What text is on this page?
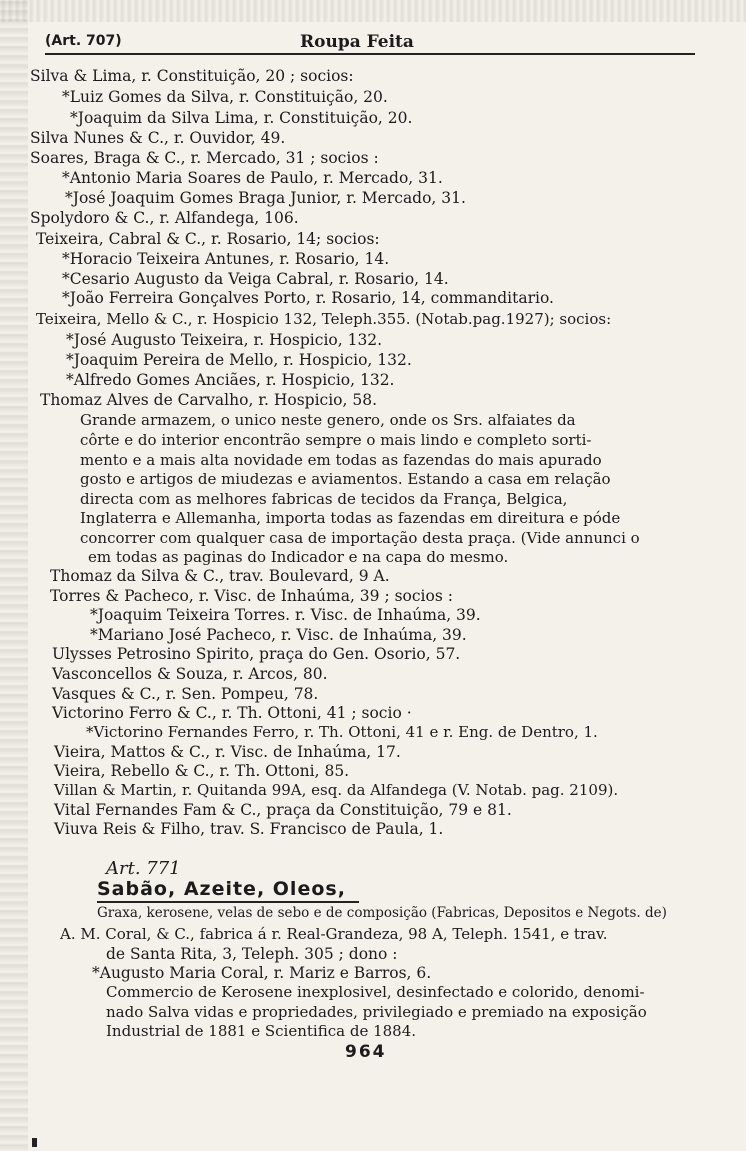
(Art. 707)	Roupa Feita
Silva & Lima, r. Constituição, 20 ; socios:
*Luiz Gomes da Silva, r. Constituição, 20.
*Joaquim da Silva Lima, r. Constituição, 20.
Silva Nunes & C., r. Ouvidor, 49.
Soares, Braga & C., r. Mercado, 31 ; socios :
*Antonio Maria Soares de Paulo, r. Mercado, 31.
*José Joaquim Gomes Braga Junior, r. Mercado, 31.
Spolydoro & C., r. Alfandega, 106.
Teixeira, Cabral & C., r. Rosario, 14; socios:
*Horacio Teixeira Antunes, r. Rosario, 14.
*Cesario Augusto da Veiga Cabral, r. Rosario, 14.
*João Ferreira Gonçalves Porto, r. Rosario, 14, commanditario.
Teixeira, Mello & C., r. Hospicio 132, Teleph.355. (Notab.pag.1927); socios:
*José Augusto Teixeira, r. Hospicio, 132.
*Joaquim Pereira de Mello, r. Hospicio, 132.
*Alfredo Gomes Anciães, r. Hospicio, 132.
Thomaz Alves de Carvalho, r. Hospicio, 58.
Grande armazem, o unico neste genero, onde os Srs. alfaiates da
côrte e do interior encontrão sempre o mais lindo e completo sorti-
mento e a mais alta novidade em todas as fazendas do mais apurado
gosto e artigos de miudezas e aviamentos. Estando a casa em relação
directa com as melhores fabricas de tecidos da França, Belgica,
Inglaterra e Allemanha, importa todas as fazendas em direitura e póde
concorrer com qualquer casa de importação desta praça. (Vide annunci o
em todas as paginas do Indicador e na capa do mesmo.
Thomaz da Silva & C., trav. Boulevard, 9 A.
Torres & Pacheco, r. Visc. de Inhaúma, 39 ; socios :
*Joaquim Teixeira Torres. r. Visc. de Inhaúma, 39.
*Mariano José Pacheco, r. Visc. de Inhaúma, 39.
Ulysses Petrosino Spirito, praça do Gen. Osorio, 57.
Vasconcellos & Souza, r. Arcos, 80.
Vasques & C., r. Sen. Pompeu, 78.
Victorino Ferro & C., r. Th. Ottoni, 41 ; socio ·
*Victorino Fernandes Ferro, r. Th. Ottoni, 41 e r. Eng. de Dentro, 1.
Vieira, Mattos & C., r. Visc. de Inhaúma, 17.
Vieira, Rebello & C., r. Th. Ottoni, 85.
Villan & Martin, r. Quitanda 99A, esq. da Alfandega (V. Notab. pag. 2109).
Vital Fernandes Fam & C., praça da Constituição, 79 e 81.
Viuva Reis & Filho, trav. S. Francisco de Paula, 1.
Art. 771
Sabão, Azeite, Oleos,
Graxa, kerosene, velas de sebo e de composição (Fabricas, Depositos e Negots. de)
A. M. Coral, & C., fabrica á r. Real-Grandeza, 98 A, Teleph. 1541, e trav.
de Santa Rita, 3, Teleph. 305 ; dono :
*Augusto Maria Coral, r. Mariz e Barros, 6.
Commercio de Kerosene inexplosivel, desinfectado e colorido, denomi-
nado Salva vidas e propriedades, privilegiado e premiado na exposição
Industrial de 1881 e Scientifica de 1884.
964
